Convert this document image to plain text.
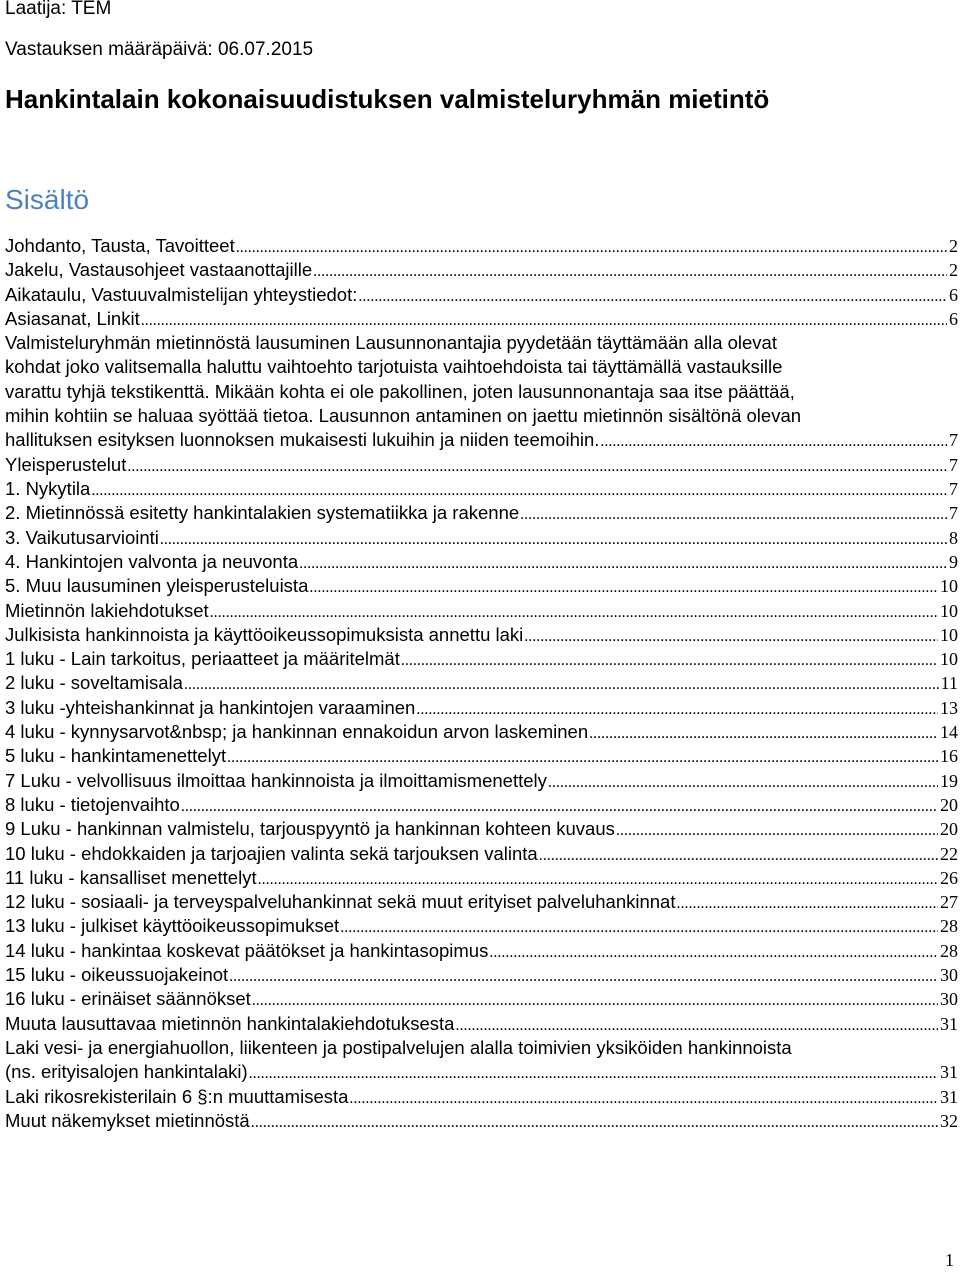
Laatija: TEM
Vastauksen määräpäivä: 06.07.2015
Hankintalain kokonaisuudistuksen valmisteluryhmän mietintö
Sisältö
Johdanto, Tausta, Tavoitteet .....	2
Jakelu, Vastausohjeet vastaanottajille .....	2
Aikataulu, Vastuuvalmistelijan yhteystiedot: .....	6
Asiasanat, Linkit .....	6
Valmisteluryhmän mietinnöstä lausuminen Lausunnonantajia pyydetään täyttämään alla olevat
kohdat joko valitsemalla haluttu vaihtoehto tarjotuista vaihtoehdoista tai täyttämällä vastauksille
varattu tyhjä tekstikenttä. Mikään kohta ei ole pakollinen, joten lausunnonantaja saa itse päättää,
mihin kohtiin se haluaa syöttää tietoa. Lausunnon antaminen on jaettu mietinnön sisältönä olevan
hallituksen esityksen luonnoksen mukaisesti lukuihin ja niiden teemoihin. .....	7
Yleisperustelut .....	7
1. Nykytila .....	7
2. Mietinnössä esitetty hankintalakien systematiikka ja rakenne .....	7
3. Vaikutusarviointi .....	8
4. Hankintojen valvonta ja neuvonta .....	9
5. Muu lausuminen yleisperusteluista .....	10
Mietinnön lakiehdotukset .....	10
Julkisista hankinnoista ja käyttöoikeussopimuksista annettu laki .....	10
1 luku - Lain tarkoitus, periaatteet ja määritelmät .....	10
2 luku - soveltamisala .....	11
3 luku -yhteishankinnat ja hankintojen varaaminen .....	13
4 luku - kynnysarvot&nbsp; ja hankinnan ennakoidun arvon laskeminen .....	14
5 luku - hankintamenettelyt .....	16
7 Luku - velvollisuus ilmoittaa hankinnoista ja ilmoittamismenettely .....	19
8 luku - tietojenvaihto .....	20
9 Luku - hankinnan valmistelu, tarjouspyyntö ja hankinnan kohteen kuvaus .....	20
10 luku - ehdokkaiden ja tarjoajien valinta sekä tarjouksen valinta .....	22
11 luku - kansalliset menettelyt .....	26
12 luku - sosiaali- ja terveyspalveluhankinnat sekä muut erityiset palveluhankinnat .....	27
13 luku - julkiset käyttöoikeussopimukset .....	28
14 luku - hankintaa koskevat päätökset ja hankintasopimus .....	28
15 luku - oikeussuojakeinot .....	30
16 luku - erinäiset säännökset .....	30
Muuta lausuttavaa mietinnön hankintalakiehdotuksesta .....	31
Laki vesi- ja energiahuollon, liikenteen ja postipalvelujen alalla toimivien yksiköiden hankinnoista
(ns. erityisalojen hankintalaki) .....	31
Laki rikosrekisterilain 6 §:n muuttamisesta .....	31
Muut näkemykset mietinnöstä .....	32
1
